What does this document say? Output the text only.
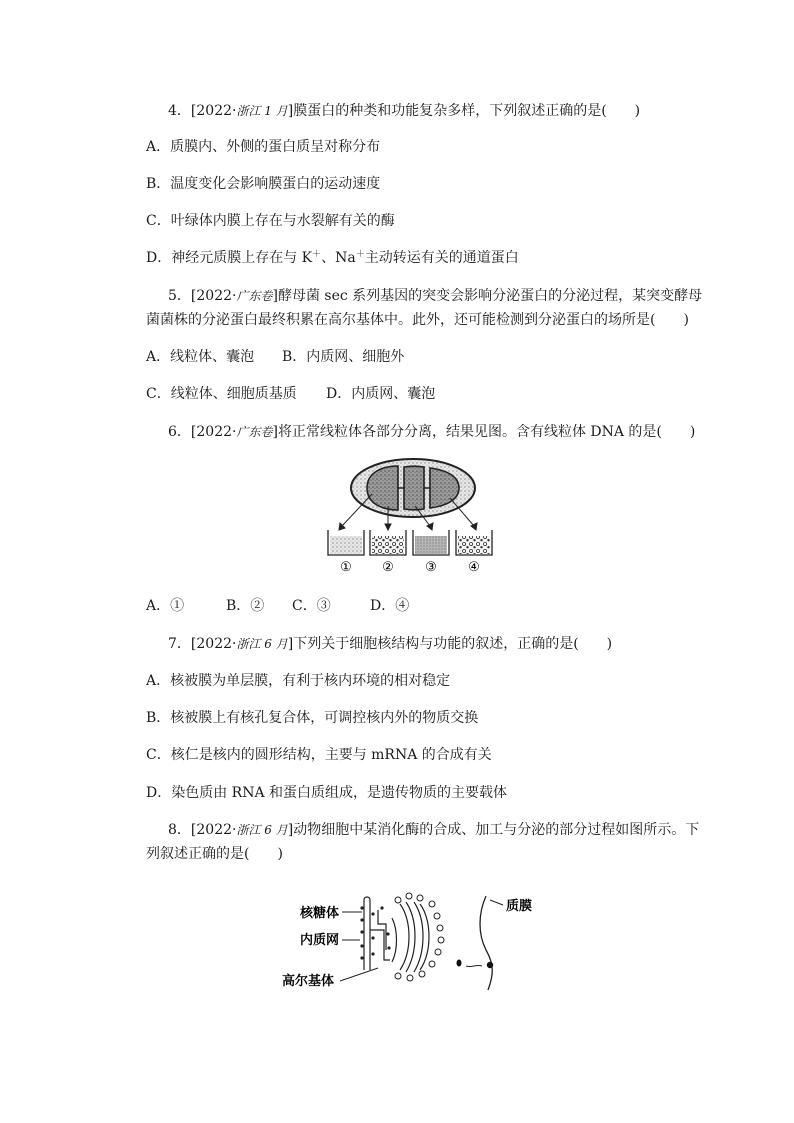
4．[2022·浙江 1 月]膜蛋白的种类和功能复杂多样，下列叙述正确的是(　　)
A．质膜内、外侧的蛋白质呈对称分布
B．温度变化会影响膜蛋白的运动速度
C．叶绿体内膜上存在与水裂解有关的酶
D．神经元质膜上存在与 K＋、Na＋主动转运有关的通道蛋白
5．[2022·广东卷]酵母菌 sec 系列基因的突变会影响分泌蛋白的分泌过程，某突变酵母
菌菌株的分泌蛋白最终积累在高尔基体中。此外，还可能检测到分泌蛋白的场所是(　　)
A．线粒体、囊泡 B．内质网、细胞外
C．线粒体、细胞质基质 D．内质网、囊泡
6．[2022·广东卷]将正常线粒体各部分分离，结果见图。含有线粒体 DNA 的是(　　)
① ② ③ ④
A．①	B．② C．③	D．④
7．[2022·浙江 6 月]下列关于细胞核结构与功能的叙述，正确的是(　　)
A．核被膜为单层膜，有利于核内环境的相对稳定
B．核被膜上有核孔复合体，可调控核内外的物质交换
C．核仁是核内的圆形结构，主要与 mRNA 的合成有关
D．染色质由 RNA 和蛋白质组成，是遗传物质的主要载体
8．[2022·浙江 6 月]动物细胞中某消化酶的合成、加工与分泌的部分过程如图所示。下
列叙述正确的是(　　)
核糖体
内质网
高尔基体
质膜
